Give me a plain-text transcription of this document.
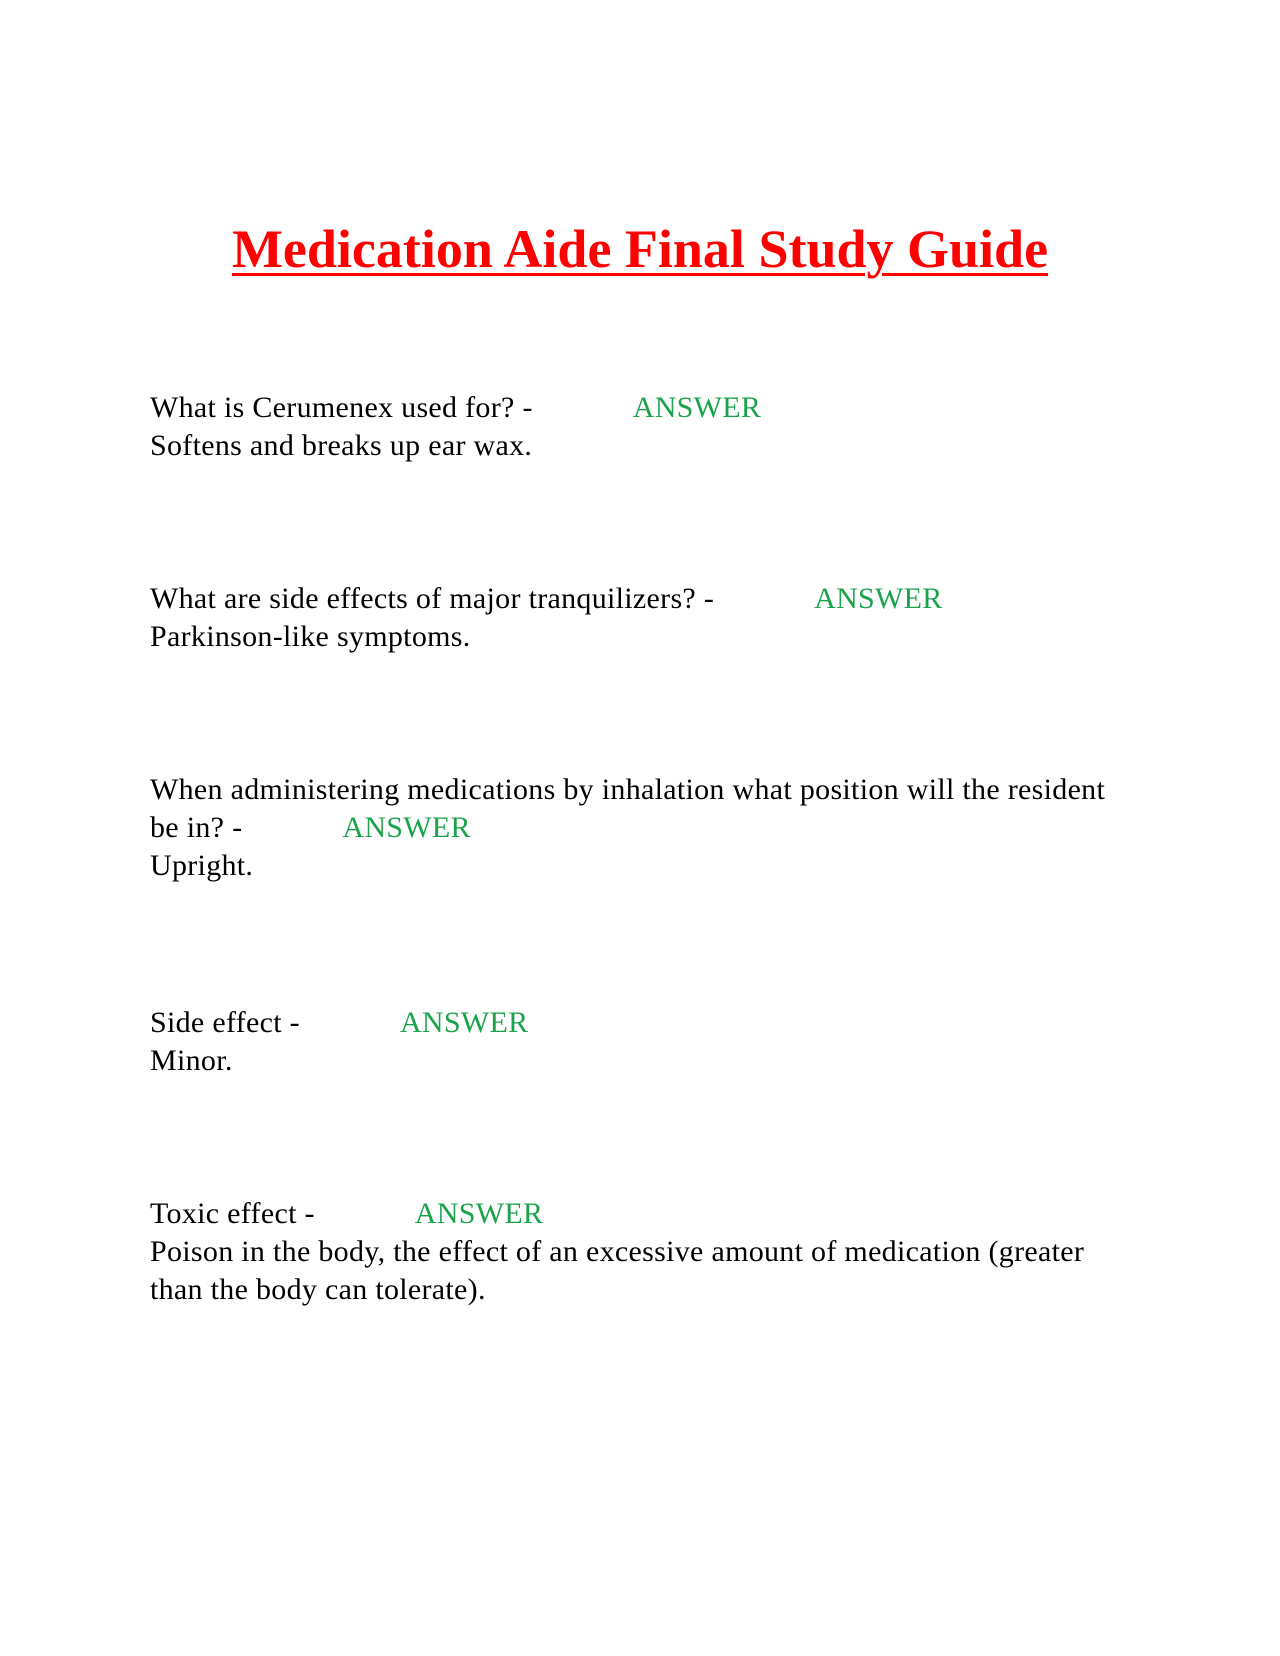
Medication Aide Final Study Guide
What is Cerumenex used for? -	ANSWER
Softens and breaks up ear wax.
What are side effects of major tranquilizers? -	ANSWER
Parkinson-like symptoms.
When administering medications by inhalation what position will the resident be in? -	ANSWER
Upright.
Side effect -	ANSWER
Minor.
Toxic effect -	ANSWER
Poison in the body, the effect of an excessive amount of medication (greater than the body can tolerate).
